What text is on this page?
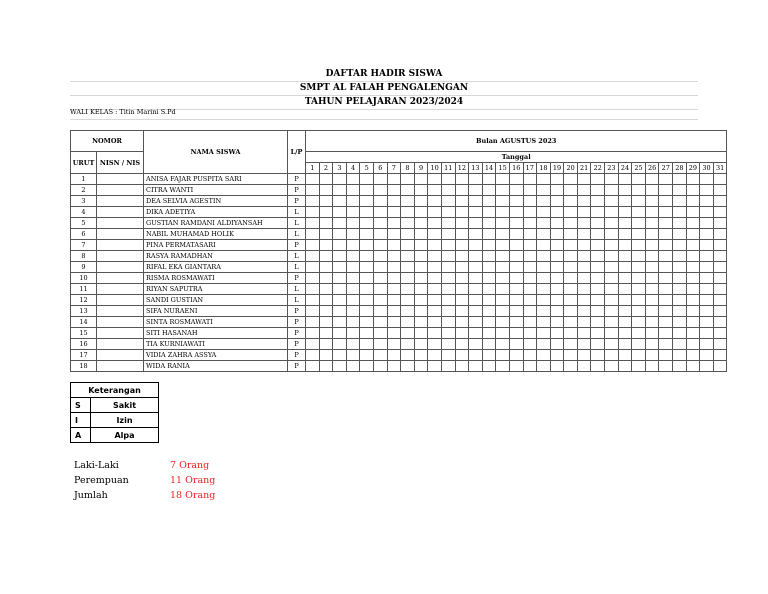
DAFTAR HADIR SISWA
SMPT AL FALAH PENGALENGAN
TAHUN PELAJARAN 2023/2024
WALI KELAS : Titin Marini S.Pd
NOMOR		NAMA SISWA	L/P	Bulan AGUSTUS 2023																														
URUT	NISN / NIS			Tanggal																														
				1	2	3	4	5	6	7	8	9	10	11	12	13	14	15	16	17	18	19	20	21	22	23	24	25	26	27	28	29	30	31
1		ANISA FAJAR PUSPITA SARI	P																															
2		CITRA WANTI	P																															
3		DEA SELVIA AGESTIN	P																															
4		DIKA ADETIYA	L																															
5		GUSTIAN RAMDANI ALDIYANSAH	L																															
6		NABIL MUHAMAD HOLIK	L																															
7		PINA PERMATASARI	P																															
8		RASYA RAMADHAN	L																															
9		RIFAL EKA GIANTARA	L																															
10		RISMA ROSMAWATI	P																															
11		RIYAN SAPUTRA	L																															
12		SANDI GUSTIAN	L																															
13		SIFA NURAENI	P																															
14		SINTA ROSMAWATI	P																															
15		SITI HASANAH	P																															
16		TIA KURNIAWATI	P																															
17		VIDIA ZAHRA ASSYA	P																															
18		WIDA RANIA	P																															
Keterangan	
S	Sakit
I	Izin
A	Alpa
Laki-Laki	7 Orang
Perempuan	11 Orang
Jumlah	18 Orang
